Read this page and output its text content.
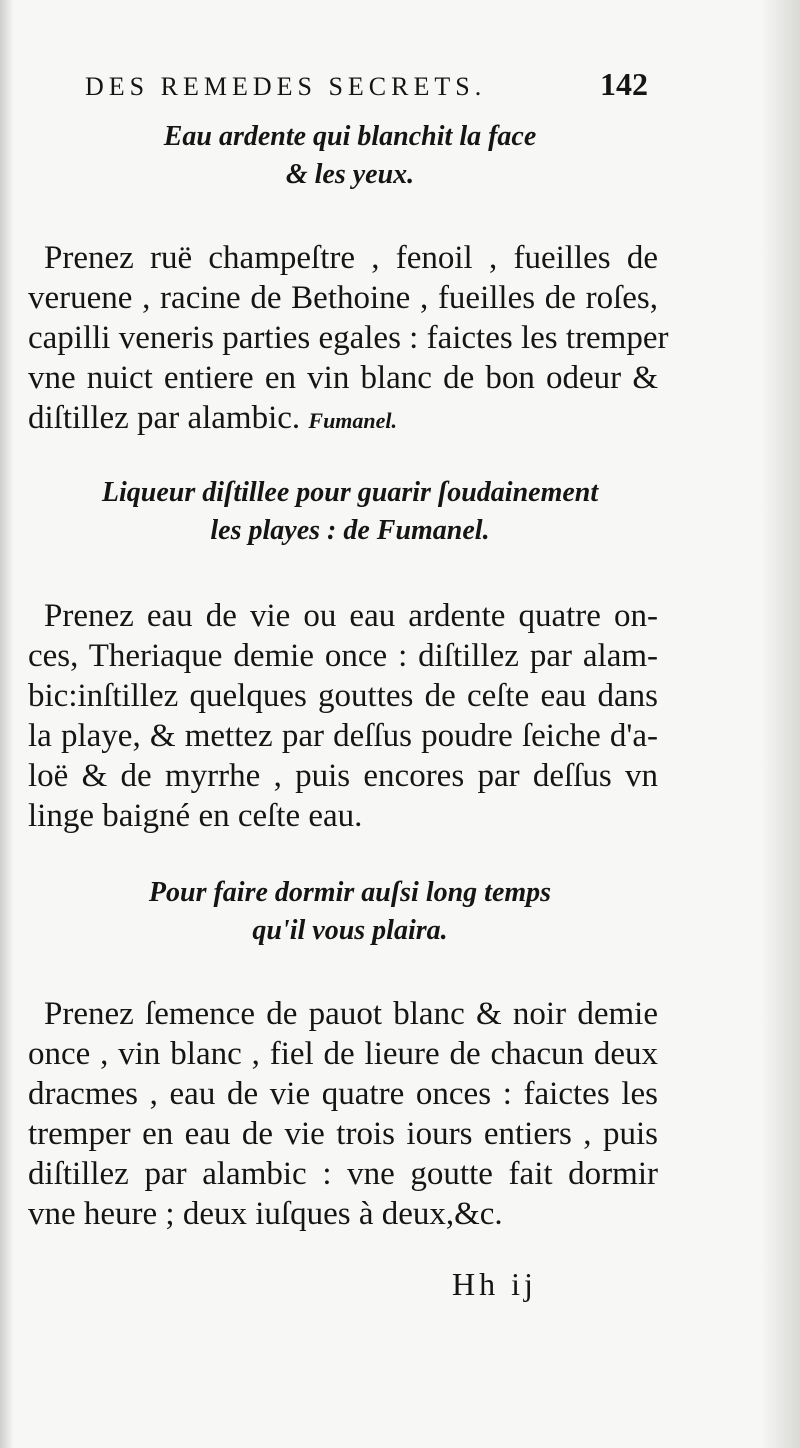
DES REMEDES SECRETS.	142
Eau ardente qui blanchit la face
& les yeux.
Prenez ruë champeſtre , fenoil , fueilles de
veruene , racine de Bethoine , fueilles de roſes,
capilli veneris parties egales : faictes les tremper
vne nuict entiere en vin blanc de bon odeur &
diſtillez par alambic. Fumanel.
Liqueur diſtillee pour guarir ſoudainement
les playes : de Fumanel.
Prenez eau de vie ou eau ardente quatre on-
ces, Theriaque demie once : diſtillez par alam-
bic:inſtillez quelques gouttes de ceſte eau dans
la playe, & mettez par deſſus poudre ſeiche d'a-
loë & de myrrhe , puis encores par deſſus vn
linge baigné en ceſte eau.
Pour faire dormir auſsi long temps
qu'il vous plaira.
Prenez ſemence de pauot blanc & noir demie
once , vin blanc , fiel de lieure de chacun deux
dracmes , eau de vie quatre onces : faictes les
tremper en eau de vie trois iours entiers , puis
diſtillez par alambic : vne goutte fait dormir
vne heure ; deux iuſques à deux,&c.
Hh ij
